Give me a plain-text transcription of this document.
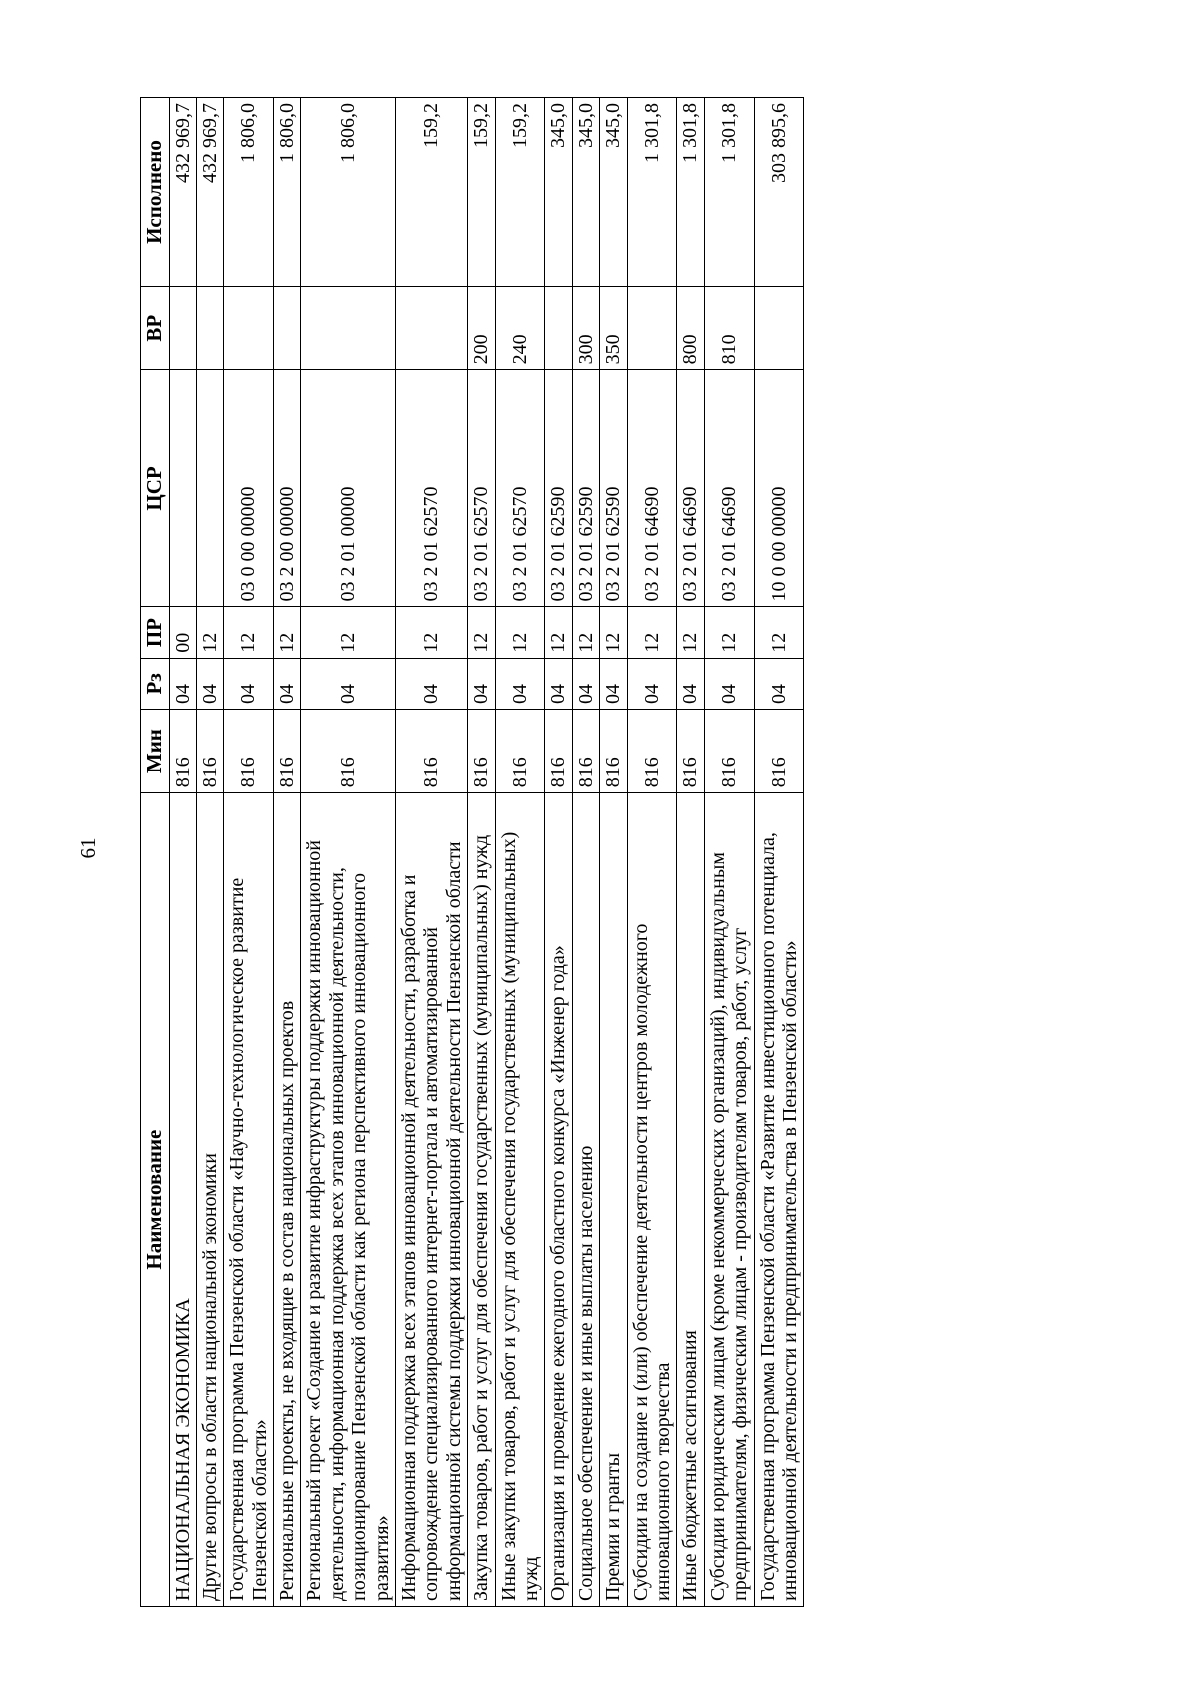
61
Наименование	Мин	Рз	ПР	ЦСР	ВР	Исполнено
НАЦИОНАЛЬНАЯ ЭКОНОМИКА	816	04	00			432 969,7
Другие вопросы в области национальной экономики	816	04	12			432 969,7
Государственная программа Пензенской области «Научно-технологическое развитие Пензенской области»	816	04	12	03 0 00 00000		1 806,0
Региональные проекты, не входящие в состав национальных проектов	816	04	12	03 2 00 00000		1 806,0
Региональный проект «Создание и развитие инфраструктуры поддержки инновационной деятельности, информационная поддержка всех этапов инновационной деятельности, позиционирование Пензенской области как региона перспективного инновационного развития»	816	04	12	03 2 01 00000		1 806,0
Информационная поддержка всех этапов инновационной деятельности, разработка и сопровождение специализированного интернет-портала и автоматизированной информационной системы поддержки инновационной деятельности Пензенской области	816	04	12	03 2 01 62570		159,2
Закупка товаров, работ и услуг для обеспечения государственных (муниципальных) нужд	816	04	12	03 2 01 62570	200	159,2
Иные закупки товаров, работ и услуг для обеспечения государственных (муниципальных) нужд	816	04	12	03 2 01 62570	240	159,2
Организация и проведение ежегодного областного конкурса «Инженер года»	816	04	12	03 2 01 62590		345,0
Социальное обеспечение и иные выплаты населению	816	04	12	03 2 01 62590	300	345,0
Премии и гранты	816	04	12	03 2 01 62590	350	345,0
Субсидии на создание и (или) обеспечение деятельности центров молодежного инновационного творчества	816	04	12	03 2 01 64690		1 301,8
Иные бюджетные ассигнования	816	04	12	03 2 01 64690	800	1 301,8
Субсидии юридическим лицам (кроме некоммерческих организаций), индивидуальным предпринимателям, физическим лицам - производителям товаров, работ, услуг	816	04	12	03 2 01 64690	810	1 301,8
Государственная программа Пензенской области «Развитие инвестиционного потенциала, инновационной деятельности и предпринимательства в Пензенской области»	816	04	12	10 0 00 00000		303 895,6
